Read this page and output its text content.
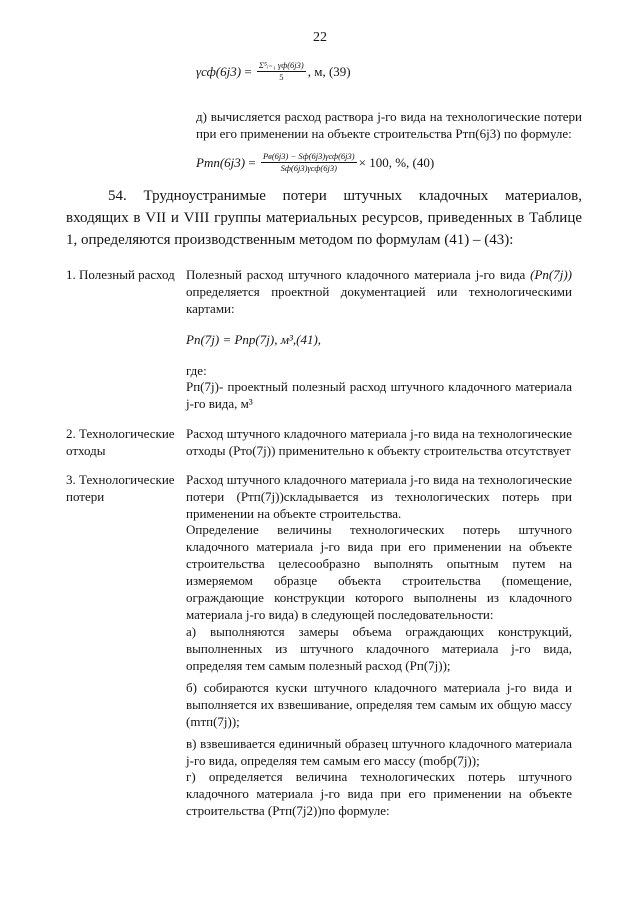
22
$\gamma сф(6j3) = \frac{\text{Σ⁵ᵢ₌₁ γф(6j3)}}{5}$ , м, (39)
д) вычисляется расход раствора j-го вида на технологические потери при его применении на объекте строительства Pтп(6j3) по формуле:
$Pтп(6j3) = \frac{\text{Pв(6j3) − Sф(6j3)γсф(6j3)}}{\text{Sф(6j3)γсф(6j3)}} \times 100$, %, (40)
54. Трудноустранимые потери штучных кладочных материалов, входящих в VII и VIII группы материальных ресурсов, приведенных в Таблице 1, определяются производственным методом по формулам (41) – (43):
1. Полезный расход Полезный расход штучного кладочного материала j-го вида (Pп(7j)) определяется проектной документацией или технологическими картами:
Pп(7j) = Pпр(7j), м³,(41),
где:
Pп(7j)- проектный полезный расход штучного кладочного материала j-го вида, м³
2. Технологические отходы
Расход штучного кладочного материала j-го вида на технологические отходы (Pто(7j)) применительно к объекту строительства отсутствует
3. Технологические потери
Расход штучного кладочного материала j-го вида на технологические потери (Pтп(7j))складывается из технологических потерь при применении на объекте строительства.
Определение величины технологических потерь штучного кладочного материала j-го вида при его применении на объекте строительства целесообразно выполнять опытным путем на измеряемом образце объекта строительства (помещение, ограждающие конструкции которого выполнены из кладочного материала j-го вида) в следующей последовательности:
а) выполняются замеры объема ограждающих конструкций, выполненных из штучного кладочного материала j-го вида, определяя тем самым полезный расход (Pп(7j));
б) собираются куски штучного кладочного материала j-го вида и выполняется их взвешивание, определяя тем самым их общую массу (mтп(7j));
в) взвешивается единичный образец штучного кладочного материала j-го вида, определяя тем самым его массу (mобр(7j));
г) определяется величина технологических потерь штучного кладочного материала j-го вида при его применении на объекте строительства (Pтп(7j2))по формуле:
